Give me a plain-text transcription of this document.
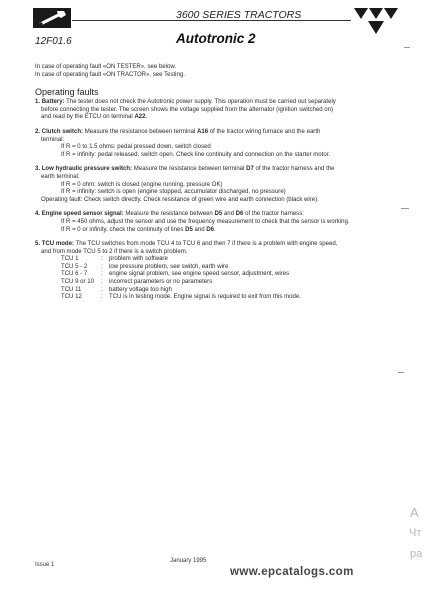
3600 SERIES TRACTORS
12F01.6	Autotronic 2
In case of operating fault «ON TESTER», see below.
In case of operating fault «ON TRACTOR», see Testing.
Operating faults

1. Battery: The tester does not check the Autotronic power supply. This operation must be carried out separately

before connecting the tester. The screen shows the voltage supplied from the alternator (ignition switched on)

and read by the ETCU on terminal A22.

2. Clutch switch: Measure the resistance between terminal A16 of the tractor wiring furnace and the earth

terminal:

If R = 0 to 1.5 ohms: pedal pressed down, switch closed

If R = infinity: pedal released, switch open. Check line continuity and connection on the starter motor.

3. Low hydraulic pressure switch: Measure the resistance between terminal D7 of the tractor harness and the

earth terminal:

If R = 0 ohm: switch is closed (engine running, pressure OK)

If R = infinity: switch is open (engine stopped, accumulator discharged, no pressure)

Operating fault: Check switch directly. Check resistance of green wire and earth connection (black wire).

4. Engine speed sensor signal: Measure the resistance between D5 and D6 of the tractor harness:

If R = 450 ohms, adjust the sensor and use the frequency measurement to check that the sensor is working.

If R = 0 or infinity, check the continuity of lines D5 and D6.

5. TCU mode: The TCU switches from mode TCU 4 to TCU 6 and then 7 if there is a problem with engine speed,

and from mode TCU 5 to 2 if there is a switch problem.

TCU 1	:	problem with software
TCU 5 - 2	:	low pressure problem, see switch, earth wire
TCU 6 - 7	:	engine signal problem, see engine speed sensor, adjustment, wires
TCU 9 or 10	:	incorrect parameters or no parameters
TCU 11	:	battery voltage too high
TCU 12	:	TCU is in testing mode. Engine signal is required to exit from this mode.
Issue 1
January 1995
www.epcatalogs.com
A
Чт
pa
